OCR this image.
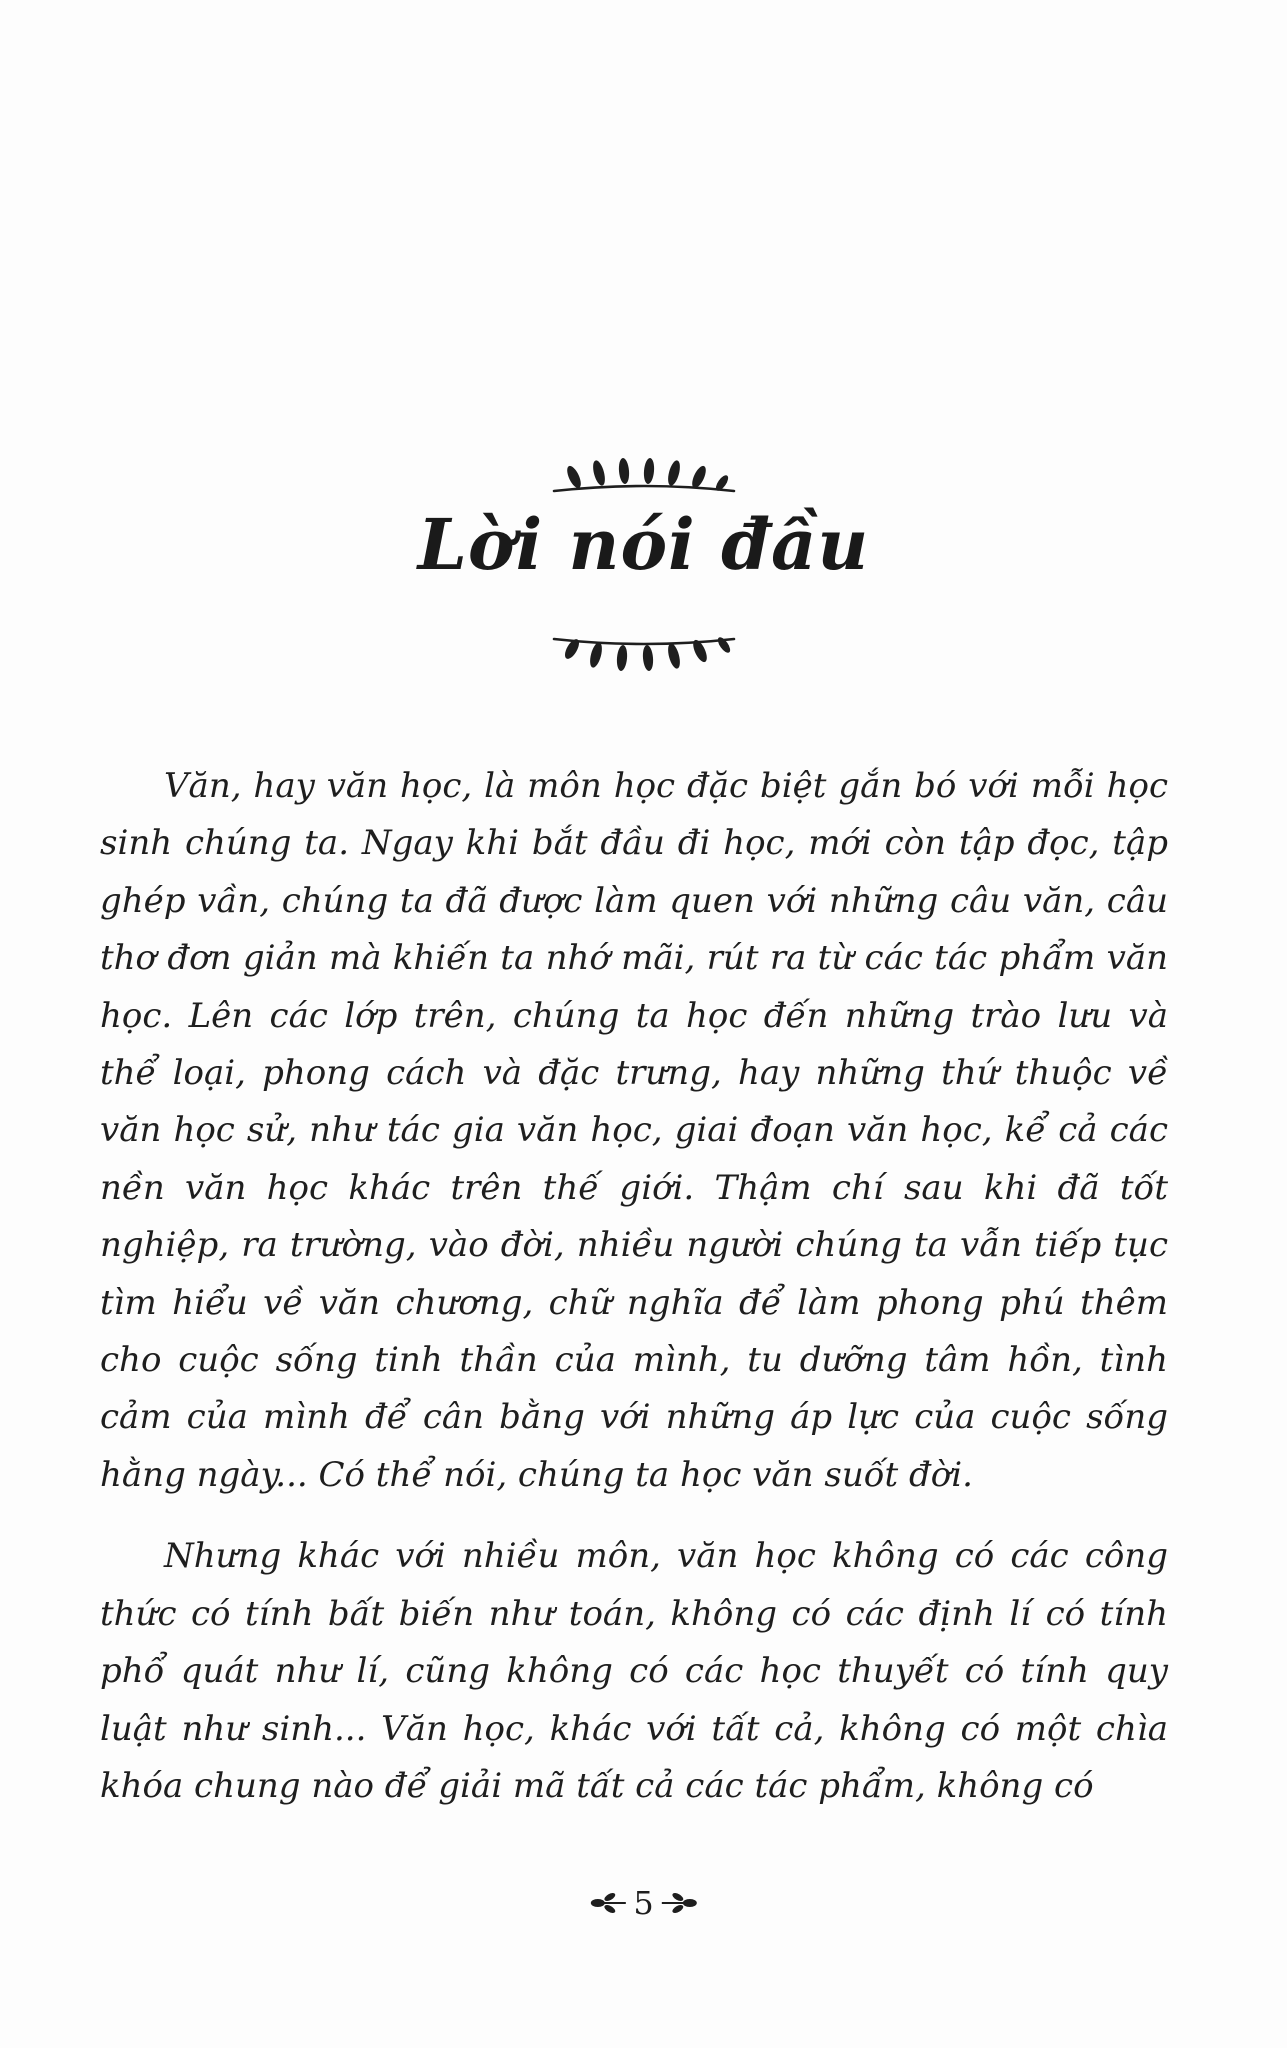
Lời nói đầu

Văn, hay văn học, là môn học đặc biệt gắn bó với mỗi học sinh chúng ta. Ngay khi bắt đầu đi học, mới còn tập đọc, tập ghép vần, chúng ta đã được làm quen với những câu văn, câu thơ đơn giản mà khiến ta nhớ mãi, rút ra từ các tác phẩm văn học. Lên các lớp trên, chúng ta học đến những trào lưu và thể loại, phong cách và đặc trưng, hay những thứ thuộc về văn học sử, như tác gia văn học, giai đoạn văn học, kể cả các nền văn học khác trên thế giới. Thậm chí sau khi đã tốt nghiệp, ra trường, vào đời, nhiều người chúng ta vẫn tiếp tục tìm hiểu về văn chương, chữ nghĩa để làm phong phú thêm cho cuộc sống tinh thần của mình, tu dưỡng tâm hồn, tình cảm của mình để cân bằng với những áp lực của cuộc sống hằng ngày... Có thể nói, chúng ta học văn suốt đời.

Nhưng khác với nhiều môn, văn học không có các công thức có tính bất biến như toán, không có các định lí có tính phổ quát như lí, cũng không có các học thuyết có tính quy luật như sinh... Văn học, khác với tất cả, không có một chìa khóa chung nào để giải mã tất cả các tác phẩm, không có

5
